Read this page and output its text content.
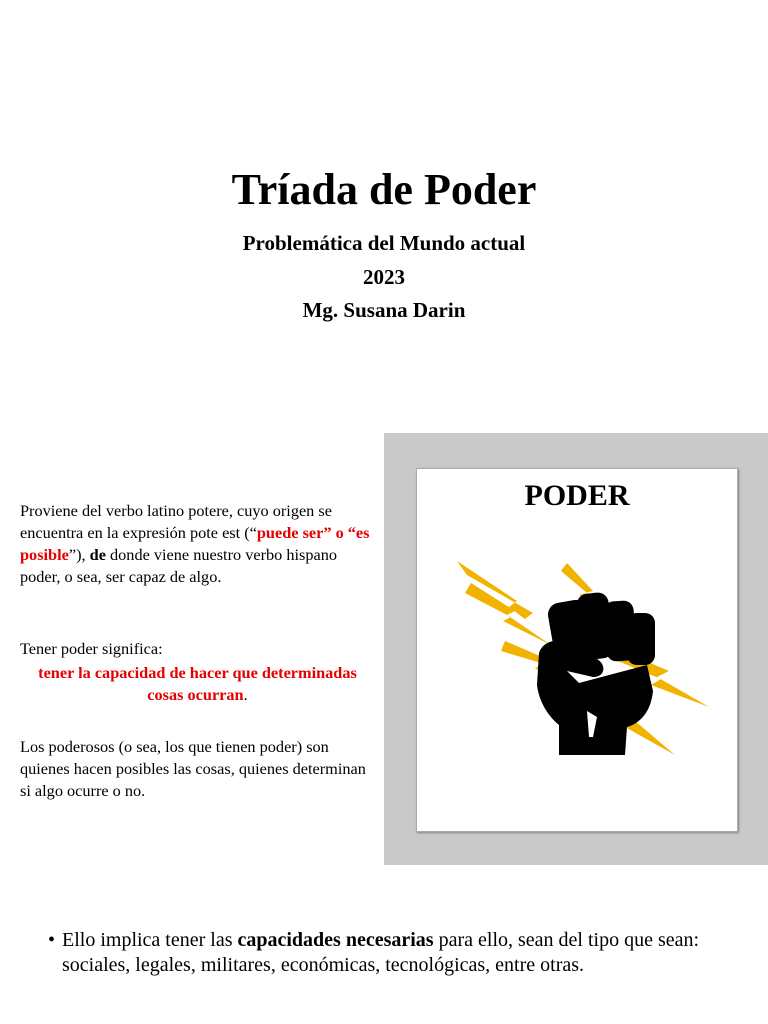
Tríada de Poder
Problemática del Mundo actual
2023
Mg. Susana Darin
Proviene del verbo latino potere, cuyo origen se encuentra en la expresión pote est (“puede ser” o “es posible”), de donde viene nuestro verbo hispano poder, o sea, ser capaz de algo.
Tener poder significa:
tener la capacidad de hacer que determinadas cosas ocurran.
Los poderosos (o sea, los que tienen poder) son quienes hacen posibles las cosas, quienes determinan si algo ocurre o no.
PODER
• Ello implica tener las capacidades necesarias para ello, sean del tipo que sean: sociales, legales, militares, económicas, tecnológicas, entre otras.
